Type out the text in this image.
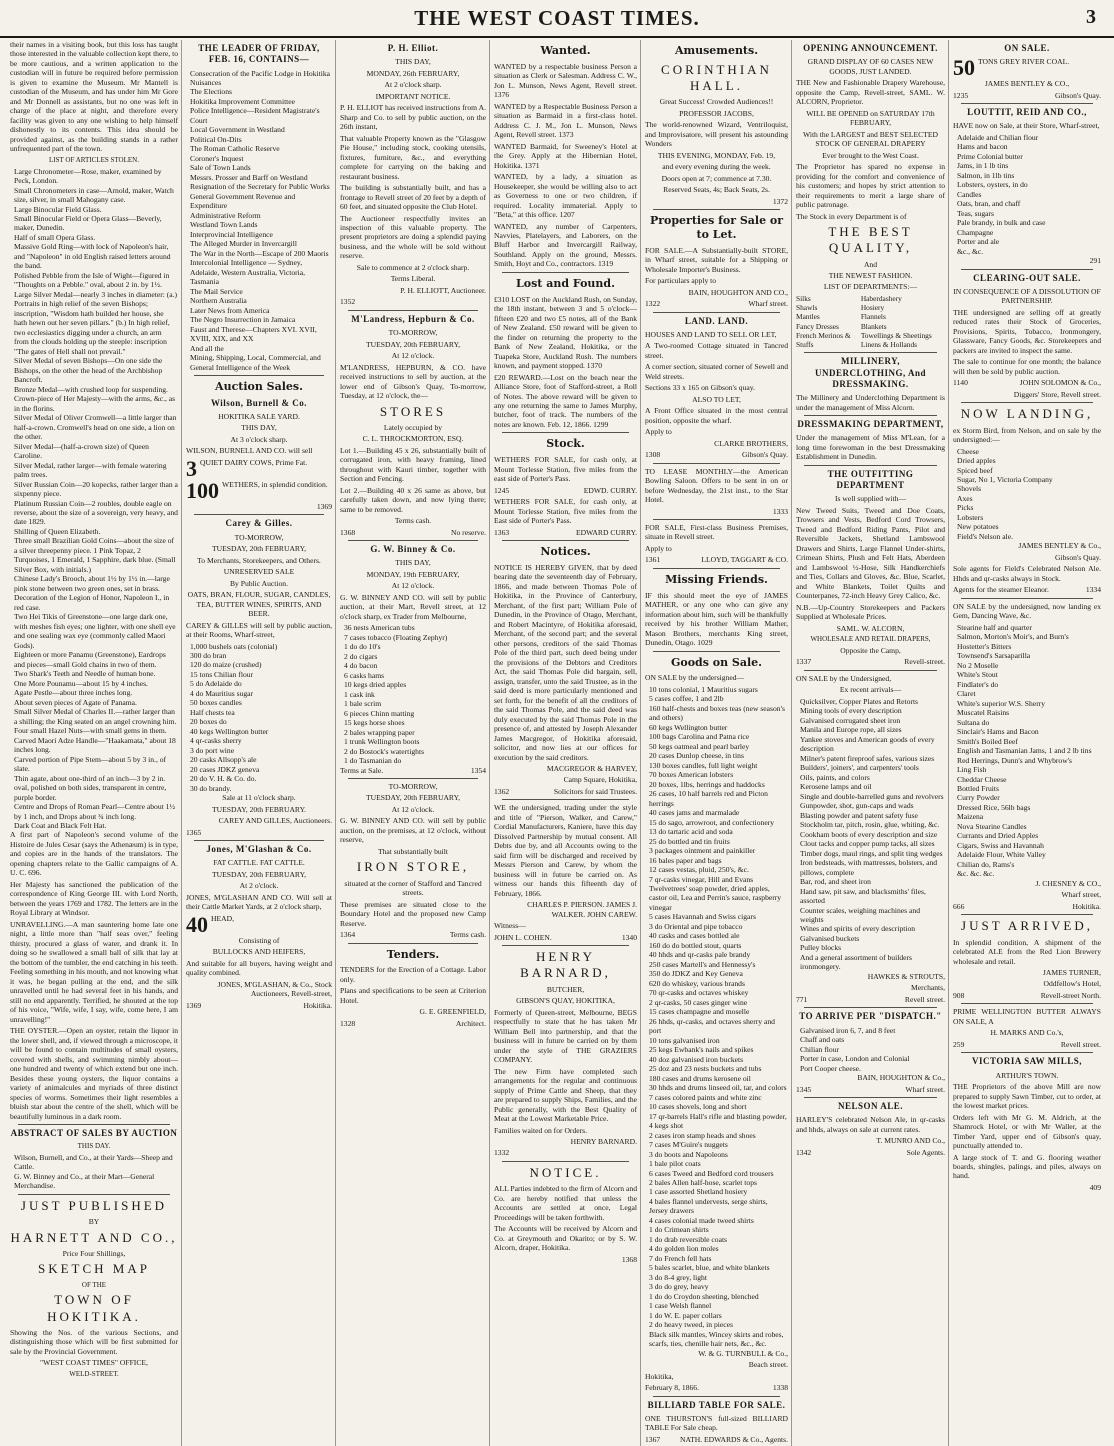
THE WEST COAST TIMES.	3

their names in a visiting book, but this loss has taught those interested in the valuable collection kept there, to be more cautious, and a written application to the custodian will in future be required before permission is given to examine the Museum. Mr Mantell is custodian of the Museum, and has under him Mr Gore and Mr Donnell as assistants, but no one was left in charge of the place at night, and therefore every facility was given to any one wishing to help himself dishonestly to its contents. This idea should be provided against, as the building stands in a rather unfrequented part of the town.

LIST OF ARTICLES STOLEN.

Large Chronometer—Rose, maker, examined by Peck, London.
Small Chronometers in case—Arnold, maker, Watch size, silver, in small Mahogany case.
Large Binocular Field Glass.
Small Binocular Field or Opera Glass—Beverly, maker, Dunedin.
Half of small Opera Glass.
Massive Gold Ring—with lock of Napoleon's hair, and "Napoleon" in old English raised letters around the band.
Polished Pebble from the Isle of Wight—figured in "Thoughts on a Pebble." oval, about 2 in. by 1½.
Large Silver Medal—nearly 3 inches in diameter: (a.) Portraits in high relief of the seven Bishops; inscription, "Wisdom hath builded her house, she hath hewn out her seven pillars." (b.) In high relief, two ecclesiastics digging under a church, an arm from the clouds holding up the steeple: inscription "The gates of Hell shall not prevail."
Silver Medal of seven Bishops—On one side the Bishops, on the other the head of the Archbishop Bancroft.
Bronze Medal—with crushed loop for suspending.
Crown-piece of Her Majesty—with the arms, &c., as in the florins.
Silver Medal of Oliver Cromwell—a little larger than half-a-crown. Cromwell's head on one side, a lion on the other.
Silver Medal—(half-a-crown size) of Queen Caroline.
Silver Medal, rather larger—with female watering palm trees.
Silver Russian Coin—20 kopecks, rather larger than a sixpenny piece.
Platinum Russian Coin—2 roubles, double eagle on reverse, about the size of a sovereign, very heavy, and date 1829.
Shilling of Queen Elizabeth.
Three small Brazilian Gold Coins—about the size of a silver threepenny piece. 1 Pink Topaz, 2 Turquoises, 1 Emerald, 1 Sapphire, dark blue. (Small Silver Box, with initials.)
Chinese Lady's Brooch, about 1½ by 1½ in.—large pink stone between two green ones, set in brass.
Decoration of the Legion of Honor, Napoleon I., in red case.
Two Hei Tikis of Greenstone—one large dark one, with meshes fish eyes; one lighter, with one shell eye and one sealing wax eye (commonly called Maori Gods).
Eighteen or more Panamu (Greenstone), Eardrops and pieces—small Gold chains in two of them.
Two Shark's Teeth and Needle of human bone.
One More Pounamu—about 15 by 4 inches.
Agate Pestle—about three inches long.
About seven pieces of Agate of Panama.
Small Silver Medal of Charles II.—rather larger than a shilling; the King seated on an angel crowning him.
Four small Hazel Nuts—with small gems in them.
Carved Maori Adze Handle—"Haakamata," about 18 inches long.
Carved portion of Pipe Stem—about 5 by 3 in., of slate.
Thin agate, about one-third of an inch—3 by 2 in. oval, polished on both sides, transparent in centre, purple border.
Centre and Drops of Roman Pearl—Centre about 1½ by 1 inch, and Drops about ¾ inch long.
Dark Coat and Black Felt Hat.

A first part of Napoleon's second volume of the Histoire de Jules Cesar (says the Athenæum) is in type, and copies are in the hands of the translators. The opening chapters relate to the Gallic campaigns of A. U. C. 696.

Her Majesty has sanctioned the publication of the correspondence of King George III. with Lord North, between the years 1769 and 1782. The letters are in the Royal Library at Windsor.

UNRAVELLING.—A man sauntering home late one night, a little more than "half seas over," feeling thirsty, procured a glass of water, and drank it. In doing so he swallowed a small ball of silk that lay at the bottom of the tumbler, the end catching in his teeth. Feeling something in his mouth, and not knowing what it was, he began pulling at the end, and the silk unravelled until he had several feet in his hands, and still no end apparently. Terrified, he shouted at the top of his voice, "Wife, wife, I say, wife, come here, I am unravelling!"

THE OYSTER.—Open an oyster, retain the liquor in the lower shell, and, if viewed through a microscope, it will be found to contain multitudes of small oysters, covered with shells, and swimming nimbly about—one hundred and twenty of which extend but one inch. Besides these young oysters, the liquor contains a variety of animalcules and myriads of three distinct species of worms. Sometimes their light resembles a bluish star about the centre of the shell, which will be beautifully luminous in a dark room.

ABSTRACT OF SALES BY AUCTION

THIS DAY.

Wilson, Burnell, and Co., at their Yards—Sheep and Cattle.
G. W. Binney and Co., at their Mart—General Merchandise.
JUST PUBLISHED
BY
HARNETT AND CO.,
Price Four Shillings,
SKETCH MAP
OF THE
TOWN OF HOKITIKA.

Showing the Nos. of the various Sections, and distinguishing those which will be first submitted for sale by the Provincial Government.

"WEST COAST TIMES" OFFICE,

WELD-STREET.

THE LEADER OF FRIDAY, FEB. 16, CONTAINS—
Consecration of the Pacific Lodge in Hokitika
Nuisances
The Elections
Hokitika Improvement Committee
Police Intelligence—Resident Magistrate's Court
Local Government in Westland
Political On-Dits
The Roman Catholic Reserve
Coroner's Inquest
Sale of Town Lands
Messrs. Prosser and Barff on Westland
Resignation of the Secretary for Public Works
General Government Revenue and Expenditure
Administrative Reform
Westland Town Lands
Interprovincial Intelligence
The Alleged Murder in Invercargill
The War in the North—Escape of 200 Maoris
Intercolonial Intelligence — Sydney, Adelaide, Western Australia, Victoria, Tasmania
The Mail Service
Northern Australia
Later News from America
The Negro Insurrection in Jamaica
Faust and Therese—Chapters XVI. XVII, XVIII, XIX, and XX
And all the
Mining, Shipping, Local, Commercial, and General Intelligence of the Week
Auction Sales.
Wilson, Burnell & Co.

HOKITIKA SALE YARD.

THIS DAY,

At 3 o'clock sharp.

WILSON, BURNELL AND CO. will sell

3 QUIET DAIRY COWS, Prime Fat.

100 WETHERS, in splendid condition.

1369

Carey & Gilles.

TO-MORROW,

TUESDAY, 20th FEBRUARY,

To Merchants, Storekeepers, and Others.

UNRESERVED SALE

By Public Auction.

OATS, BRAN, FLOUR, SUGAR, CANDLES, TEA, BUTTER WINES, SPIRITS, AND BEER.

CAREY & GILLES will sell by public auction, at their Rooms, Wharf-street,

1,000 bushels oats (colonial)
300 do bran
120 do maize (crushed)
15 tons Chilian flour
5 do Adelaide do
4 do Mauritius sugar
50 boxes candles
Half chests tea
20 boxes do
40 kegs Wellington butter
4 qr-casks sherry
3 do port wine
20 casks Allsopp's ale
20 cases JDKZ geneva
20 do V. H. & Co. do.
30 do brandy.

Sale at 11 o'clock sharp.

TUESDAY, 20th FEBRUARY.

CAREY AND GILLES, Auctioneers.

1365

Jones, M'Glashan & Co.

FAT CATTLE. FAT CATTLE.

TUESDAY, 20th FEBRUARY,

At 2 o'clock.

JONES, M'GLASHAN AND CO. Will sell at their Cattle Market Yards, at 2 o'clock sharp,

40 HEAD,

Consisting of

BULLOCKS AND HEIFERS,

And suitable for all buyers, having weight and quality combined.

JONES, M'GLASHAN, & Co., Stock Auctioneers, Revell-street,

1369	Hokitika.

P. H. Elliot.

THIS DAY,

MONDAY, 26th FEBRUARY,

At 2 o'clock sharp.

IMPORTANT NOTICE.

P. H. ELLIOT has received instructions from A. Sharp and Co. to sell by public auction, on the 26th instant,

That valuable Property known as the "Glasgow Pie House," including stock, cooking utensils, fixtures, furniture, &c., and everything complete for carrying on the baking and restaurant business.

The building is substantially built, and has a frontage to Revell street of 20 feet by a depth of 60 feet, and situated opposite the Club Hotel.

The Auctioneer respectfully invites an inspection of this valuable property. The present proprietors are doing a splendid paying business, and the whole will be sold without reserve.

Sale to commence at 2 o'clock sharp.

Terms Liberal.

P. H. ELLIOTT, Auctioneer.

1352

M'Landress, Hepburn & Co.

TO-MORROW,

TUESDAY, 20th FEBRUARY,

At 12 o'clock.

M'LANDRESS, HEPBURN, & CO. have received instructions to sell by auction, at the lower end of Gibson's Quay, To-morrow, Tuesday, at 12 o'clock, the—

STORES

Lately occupied by

C. L. THROCKMORTON, ESQ.

Lot 1.—Building 45 x 26, substantially built of corrugated iron, with heavy framing, lined throughout with Kauri timber, together with Section and Fencing.

Lot 2.—Building 40 x 26 same as above, but carefully taken down, and now lying there; same to be removed.

Terms cash.

1368	No reserve.

G. W. Binney & Co.

THIS DAY,

MONDAY, 19th FEBRUARY,

At 12 o'clock.

G. W. BINNEY AND CO. will sell by public auction, at their Mart, Revell street, at 12 o'clock sharp, ex Trader from Melbourne,

36 nests American tubs
7 cases tobacco (Floating Zephyr)
1 do do 10's
2 do cigars
4 do bacon
6 casks hams
10 kegs dried apples
1 cask ink
1 bale scrim
6 pieces Chinn matting
15 kegs horse shoes
2 bales wrapping paper
1 trunk Wellington boots
2 do Bostock's watertights
1 do Tasmanian do

Terms at Sale.	1354

TO-MORROW,

TUESDAY, 20th FEBRUARY,

At 12 o'clock.

G. W. BINNEY AND CO. will sell by public auction, on the premises, at 12 o'clock, without reserve,

That substantially built

IRON STORE,

situated at the corner of Stafford and Tancred streets.

These premises are situated close to the Boundary Hotel and the proposed new Camp Reserve.

1364	Terms cash.

Tenders.

TENDERS for the Erection of a Cottage. Labor only.

Plans and specifications to be seen at Criterion Hotel.

G. E. GREENFIELD,

1328	Architect.

Wanted.

WANTED by a respectable business Person a situation as Clerk or Salesman. Address C. W., Jon L. Munson, News Agent, Revell street. 1376

WANTED by a Respectable Business Person a situation as Barmaid in a first-class hotel. Address C. J. M., Jon L. Munson, News Agent, Revell street. 1373

WANTED Barmaid, for Sweeney's Hotel at the Grey. Apply at the Hibernian Hotel, Hokitika. 1371

WANTED, by a lady, a situation as Housekeeper, she would be willing also to act as Governess to one or two children, if required. Locality immaterial. Apply to "Beta," at this office. 1207

WANTED, any number of Carpenters, Navvies, Platelayers, and Laborers, on the Bluff Harbor and Invercargill Railway, Southland. Apply on the ground, Messrs. Smith, Hoyt and Co., contractors. 1319

Lost and Found.

£310 LOST on the Auckland Rush, on Sunday, the 18th instant, between 3 and 5 o'clock—fifteen £20 and two £5 notes, all of the Bank of New Zealand. £50 reward will be given to the finder on returning the property to the Bank of New Zealand, Hokitika, or the Tuapeka Store, Auckland Rush. The numbers known, and payment stopped. 1370

£20 REWARD.—Lost on the beach near the Alliance Store, foot of Stafford-street, a Roll of Notes. The above reward will be given to any one returning the same to James Murphy, butcher, foot of track. The numbers of the notes are known. Feb. 12, 1866. 1299

Stock.

WETHERS FOR SALE, for cash only, at Mount Torlesse Station, five miles from the east side of Porter's Pass.

1245	EDWD. CURRY.

WETHERS FOR SALE, for cash only, at Mount Torlesse Station, five miles from the East side of Porter's Pass.

1363	EDWARD CURRY.

Notices.

NOTICE IS HEREBY GIVEN, that by deed bearing date the seventeenth day of February, 1866, and made between Thomas Pole of Hokitika, in the Province of Canterbury, Merchant, of the first part; William Pole of Dunedin, in the Province of Otago, Merchant, and Robert Macintyre, of Hokitika aforesaid, Merchant, of the second part; and the several other persons, creditors of the said Thomas Pole of the third part, such deed being under the provisions of the Debtors and Creditors Act, the said Thomas Pole did bargain, sell, assign, transfer, unto the said Trustee, as in the said deed is more particularly mentioned and set forth, for the benefit of all the creditors of the said Thomas Pole, and the said deed was duly executed by the said Thomas Pole in the presence of, and attested by Joseph Alexander James Macgregor, of Hokitika aforesaid, solicitor, and now lies at our offices for execution by the said creditors.

MACGREGOR & HARVEY,

Camp Square, Hokitika,

1362	Solicitors for said Trustees.

WE the undersigned, trading under the style and title of "Pierson, Walker, and Carew," Cordial Manufacturers, Kaniere, have this day Dissolved Partnership by mutual consent. All Debts due by, and all Accounts owing to the said firm will be discharged and received by Messrs Pierson and Carew, by whom the business will in future be carried on. As witness our hands this fifteenth day of February, 1866.

CHARLES P. PIERSON. JAMES J. WALKER. JOHN CAREW.

Witness—

JOHN L. COHEN.	1340

HENRY BARNARD,

BUTCHER,

GIBSON'S QUAY, HOKITIKA,

Formerly of Queen-street, Melbourne, BEGS respectfully to state that he has taken Mr William Bell into partnership, and that the business will in future be carried on by them under the style of THE GRAZIERS COMPANY.

The new Firm have completed such arrangements for the regular and continuous supply of Prime Cattle and Sheep, that they are prepared to supply Ships, Families, and the Public generally, with the Best Quality of Meat at the Lowest Marketable Price.

Families waited on for Orders.

HENRY BARNARD.

1332

NOTICE.

ALL Parties indebted to the firm of Alcorn and Co. are hereby notified that unless the Accounts are settled at once, Legal Proceedings will be taken forthwith.

The Accounts will be received by Alcorn and Co. at Greymouth and Okarito; or by S. W. Alcorn, draper, Hokitika.

1368

Amusements.
CORINTHIAN HALL.

Great Success! Crowded Audiences!!

PROFESSOR JACOBS,

The world-renowned Wizard, Ventriloquist, and Improvisatore, will present his astounding Wonders

THIS EVENING, MONDAY, Feb. 19,

and every evening during the week.

Doors open at 7; commence at 7.30.

Reserved Seats, 4s; Back Seats, 2s.

1372

Properties for Sale or to Let.

FOR SALE.—A Substantially-built STORE, in Wharf street, suitable for a Shipping or Wholesale Importer's Business.

For particulars apply to

BAIN, HOUGHTON AND CO.,

1322	Wharf street.

LAND. LAND.

HOUSES AND LAND TO SELL OR LET,

A Two-roomed Cottage situated in Tancred street.

A corner section, situated corner of Sewell and Weld streets.

Sections 33 x 165 on Gibson's quay.

ALSO TO LET,

A Front Office situated in the most central position, opposite the wharf.

Apply to

CLARKE BROTHERS,

1308	Gibson's Quay.

TO LEASE MONTHLY—the American Bowling Saloon. Offers to be sent in on or before Wednesday, the 21st inst., to the Star Hotel.

1333

FOR SALE, First-class Business Premises, situate in Revell street.

Apply to

1361	LLOYD, TAGGART & CO.

Missing Friends.

IF this should meet the eye of JAMES MATHER, or any one who can give any information about him, such will be thankfully received by his brother William Mather, Mason Brothers, merchants King street, Dunedin, Otago. 1029

Goods on Sale.

ON SALE by the undersigned—

10 tons colonial, 1 Mauritius sugars
5 cases coffee, 1 and 2lb
160 half-chests and boxes teas (new season's and others)
60 kegs Wellington butter
100 bags Carolina and Patna rice
50 kegs oatmeal and pearl barley
20 cases Dunlop cheese, in tins
130 boxes candles, full light weight
70 boxes American lobsters
20 boxes, 1lbs, herrings and haddocks
26 cases, 10 half barrels red and Picton herrings
40 cases jams and marmalade
15 do sago, arrowroot, and confectionery
13 do tartaric acid and soda
25 do bottled and tin fruits
3 packages ointment and painkiller
16 bales paper and bags
12 cases vestas, pluid, 250's, &c.
7 qr-casks vinegar, Hill and Evans
Twelvetrees' soap powder, dried apples, castor oil, Lea and Perrin's sauce, raspberry vinegar
5 cases Havannah and Swiss cigars
3 do Oriental and pipe tobacco
40 casks and cases bottled ale
160 do do bottled stout, quarts
40 hhds and qr-casks pale brandy
250 cases Martell's and Hennessy's
350 do JDKZ and Key Geneva
620 do whiskey, various brands
70 qr-casks and octaves whiskey
2 qr-casks, 50 cases ginger wine
15 cases champagne and moselle
26 hhds, qr-casks, and octaves sherry and port
10 tons galvanised iron
25 kegs Ewbank's nails and spikes
40 doz galvanised iron buckets
25 doz and 23 nests buckets and tubs
180 cases and drums kerosene oil
30 hhds and drums linseed oil, tar, and colors
7 cases colored paints and white zinc
10 cases shovels, long and short
17 qr-barrels Hall's rifle and blasting powder, 4 kegs shot
2 cases iron stamp heads and shoes
7 cases M'Guire's nuggets
3 do boots and Napoleons
1 bale pilot coats
6 cases Tweed and Bedford cord trousers
2 bales Allen half-hose, scarlet tops
1 case assorted Shetland hosiery
4 bales flannel undervests, serge shirts, Jersey drawers
4 cases colonial made tweed shirts
1 do Crimean shirts
1 do drab reversible coats
4 do golden lion moles
7 do French fell hats
5 bales scarlet, blue, and white blankets
3 do 8-4 grey, light
3 do do grey, heavy
1 do do Croydon sheeting, blenched
1 case Welsh flannel
1 do W. E. paper collars
2 do heavy tweed, in pieces
Black silk mantles, Wincey skirts and robes, scarfs, ties, chenille hair nets, &c., &c.

W. & G. TURNBULL & Co.,

Beach street.

Hokitika,

February 8, 1866.	1338

BILLIARD TABLE FOR SALE.

ONE THURSTON'S full-sized BILLIARD TABLE For Sale cheap.

1367	NATH. EDWARDS & Co., Agents.

OPENING ANNOUNCEMENT.

GRAND DISPLAY OF 60 CASES NEW GOODS, JUST LANDED.

THE New and Fashionable Drapery Warehouse, opposite the Camp, Revell-street, SAML. W. ALCORN, Proprietor.

WILL BE OPENED on SATURDAY 17th FEBRUARY,

With the LARGEST and BEST SELECTED STOCK OF GENERAL DRAPERY

Ever brought to the West Coast.

The Proprietor has spared no expense in providing for the comfort and convenience of his customers; and hopes by strict attention to their requirements to merit a large share of public patronage.

The Stock in every Department is of

THE BEST QUALITY,

And

THE NEWEST FASHION.

LIST OF DEPARTMENTS:—

Silks
Shawls
Mantles
Fancy Dresses
French Merinos &
Stuffs

Haberdashery
Hosiery
Flannels
Blankets
Towellings & Sheetings
Linens & Hollands
MILLINERY, UNDERCLOTHING, And DRESSMAKING.

The Millinery and Underclothing Department is under the management of Miss Alcorn.

DRESSMAKING DEPARTMENT,

Under the management of Miss M'Lean, for a long time forewoman in the best Dressmaking Establishment in Dunedin.

THE OUTFITTING DEPARTMENT

Is well supplied with—

New Tweed Suits, Tweed and Doe Coats, Trowsers and Vests, Bedford Cord Trowsers, Tweed and Bedford Riding Pants, Pilot and Reversible Jackets, Shetland Lambswool Drawers and Shirts, Large Flannel Under-shirts, Crimean Shirts, Plush and Felt Hats, Aberdeen and Lambswool ½-Hose, Silk Handkerchiefs and Ties, Collars and Gloves, &c. Blue, Scarlet, and White Blankets, Toilet Quilts and Counterpanes, 72-inch Heavy Grey Calico, &c.

N.B.—Up-Country Storekeepers and Packers Supplied at Wholesale Prices.

SAML. W. ALCORN,

WHOLESALE AND RETAIL DRAPERS,

Opposite the Camp,

1337	Revell-street.

ON SALE by the Undersigned,

Ex recent arrivals—

Quicksilver, Copper Plates and Retorts
Mining tools of every description
Galvanised corrugated sheet iron
Manila and Europe rope, all sizes
Yankee stoves and American goods of every description
Milner's patent fireproof safes, various sizes
Builders', joiners', and carpenters' tools
Oils, paints, and colors
Kerosene lamps and oil
Single and double-barrelled guns and revolvers
Gunpowder, shot, gun-caps and wads
Blasting powder and patent safety fuse
Stockholm tar, pitch, rosin, glue, whiting, &c.
Cookham boots of every description and size
Clout tacks and copper pump tacks, all sizes
Timber dogs, maul rings, and split ting wedges
Iron bedsteads, with mattresses, bolsters, and pillows, complete
Bar, rod, and sheet iron
Hand saw, pit saw, and blacksmiths' files, assorted
Counter scales, weighing machines and weights
Wines and spirits of every description
Galvanised buckets
Pulley blocks
And a general assortment of builders ironmongery.

HAWKES & STROUTS,

Merchants,

771	Revell street.

TO ARRIVE PER "DISPATCH."
Galvanised iron 6, 7, and 8 feet
Chaff and oats
Chilian flour
Porter in case, London and Colonial
Port Cooper cheese.

BAIN, HOUGHTON & Co.,

1345	Wharf street.

NELSON ALE.

HARLEY'S celebrated Nelson Ale, in qr-casks and hhds, always on sale at current rates.

T. MUNRO AND Co.,

1342	Sole Agents.

ON SALE.

50 TONS GREY RIVER COAL.

JAMES BENTLEY & CO.,

1235	Gibson's Quay.

LOUTTIT, REID AND CO.,

HAVE now on Sale, at their Store, Wharf-street,

Adelaide and Chilian flour
Hams and bacon
Prime Colonial butter
Jams, in 1 lb tins
Salmon, in 1lb tins
Lobsters, oysters, in do
Candles
Oats, bran, and chaff
Teas, sugars
Pale brandy, in bulk and case
Champagne
Porter and ale
&c., &c.

291

CLEARING-OUT SALE.

IN CONSEQUENCE OF A DISSOLUTION OF PARTNERSHIP.

THE undersigned are selling off at greatly reduced rates their Stock of Groceries, Provisions, Spirits, Tobacco, Ironmongery, Glassware, Fancy Goods, &c. Storekeepers and packers are invited to inspect the same.

The sale to continue for one month; the balance will then be sold by public auction.

1140	JOHN SOLOMON & Co.,

Diggers' Store, Revell street.

NOW LANDING,

ex Storm Bird, from Nelson, and on sale by the undersigned:—

Cheese
Dried apples
Spiced beef
Sugar, No 1, Victoria Company
Shovels
Axes
Picks
Lobsters
New potatoes
Field's Nelson ale.

JAMES BENTLEY & Co.,

Gibson's Quay.

Sole agents for Field's Celebrated Nelson Ale. Hhds and qr-casks always in Stock.

Agents for the steamer Eleanor.	1334

ON SALE by the undersigned, now landing ex Gem, Dancing Wave, &c.

Stearine half and quarter
Salmon, Morton's Moir's, and Burn's
Hostetter's Bitters
Townsend's Sarsaparilla
No 2 Moselle
White's Stout
Findlater's do
Claret
White's superior W.S. Sherry
Muscatel Raisins
Sultana do
Sinclair's Hams and Bacon
Smith's Boiled Beef
English and Tasmanian Jams, 1 and 2 lb tins
Red Herrings, Dunn's and Whybrow's
Ling Fish
Cheddar Cheese
Bottled Fruits
Curry Powder
Dressed Rice, 56lb bags
Maizena
Nova Stearine Candles
Currants and Dried Apples
Cigars, Swiss and Havannah
Adelaide Flour, White Valley
Chilian do, Rams's
&c. &c. &c.

J. CHESNEY & CO.,

Wharf street,

666	Hokitika.

JUST ARRIVED,

In splendid condition, A shipment of the celebrated ALE from the Red Lion Brewery wholesale and retail.

JAMES TURNER,

Oddfellow's Hotel,

908	Revell-street North.

PRIME WELLINGTON BUTTER ALWAYS ON SALE, A

H. MARKS AND Co.'s,

259	Revell street.

VICTORIA SAW MILLS,

ARTHUR'S TOWN.

THE Proprietors of the above Mill are now prepared to supply Sawn Timber, cut to order, at the lowest market prices.

Orders left with Mr G. M. Aldrich, at the Shamrock Hotel, or with Mr Waller, at the Timber Yard, upper end of Gibson's quay, punctually attended to.

A large stock of T. and G. flooring weather boards, shingles, palings, and piles, always on hand.

409
